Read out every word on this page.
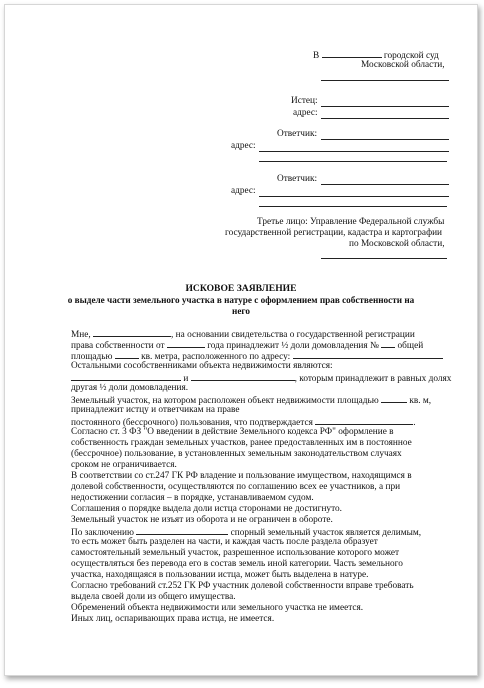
В	городской суд
Московской области,
Истец:
адрес:
Ответчик:
адрес:
Ответчик:
адрес:
Третье лицо: Управление Федеральной службы
государственной регистрации, кадастра и картографии
по Московской области,
ИСКОВОЕ ЗАЯВЛЕНИЕ
о выделе части земельного участка в натуре с оформлением прав собственности на
него
Мне,	, на основании свидетельства о государственной регистрации
права собственности от	года принадлежит ½ доли домовладения № общей
площадью	кв. метра, расположенного по адресу:
Остальными сособственниками объекта недвижимости являются:
и	, которым принадлежит в равных долях
другая ½ доли домовладения.
Земельный участок, на котором расположен объект недвижимости площадью	кв. м,
принадлежит истцу и ответчикам на праве
постоянного (бессрочного) пользования, что подтверждается	.
Согласно ст. 3 ФЗ "О введении в действие Земельного кодекса РФ" оформление в
собственность граждан земельных участков, ранее предоставленных им в постоянное
(бессрочное) пользование, в установленных земельным законодательством случаях
сроком не ограничивается.
В соответствии со ст.247 ГК РФ владение и пользование имуществом, находящимся в
долевой собственности, осуществляются по соглашению всех ее участников, а при
недостижении согласия – в порядке, устанавливаемом судом.
Соглашения о порядке выдела доли истца сторонами не достигнуто.
Земельный участок не изъят из оборота и не ограничен в обороте.
По заключению	спорный земельный участок является делимым,
то есть может быть разделен на части, и каждая часть после раздела образует
самостоятельный земельный участок, разрешенное использование которого может
осуществляться без перевода его в состав земель иной категории. Часть земельного
участка, находящаяся в пользовании истца, может быть выделена в натуре.
Согласно требований ст.252 ГК РФ участник долевой собственности вправе требовать
выдела своей доли из общего имущества.
Обременений объекта недвижимости или земельного участка не имеется.
Иных лиц, оспаривающих права истца, не имеется.
